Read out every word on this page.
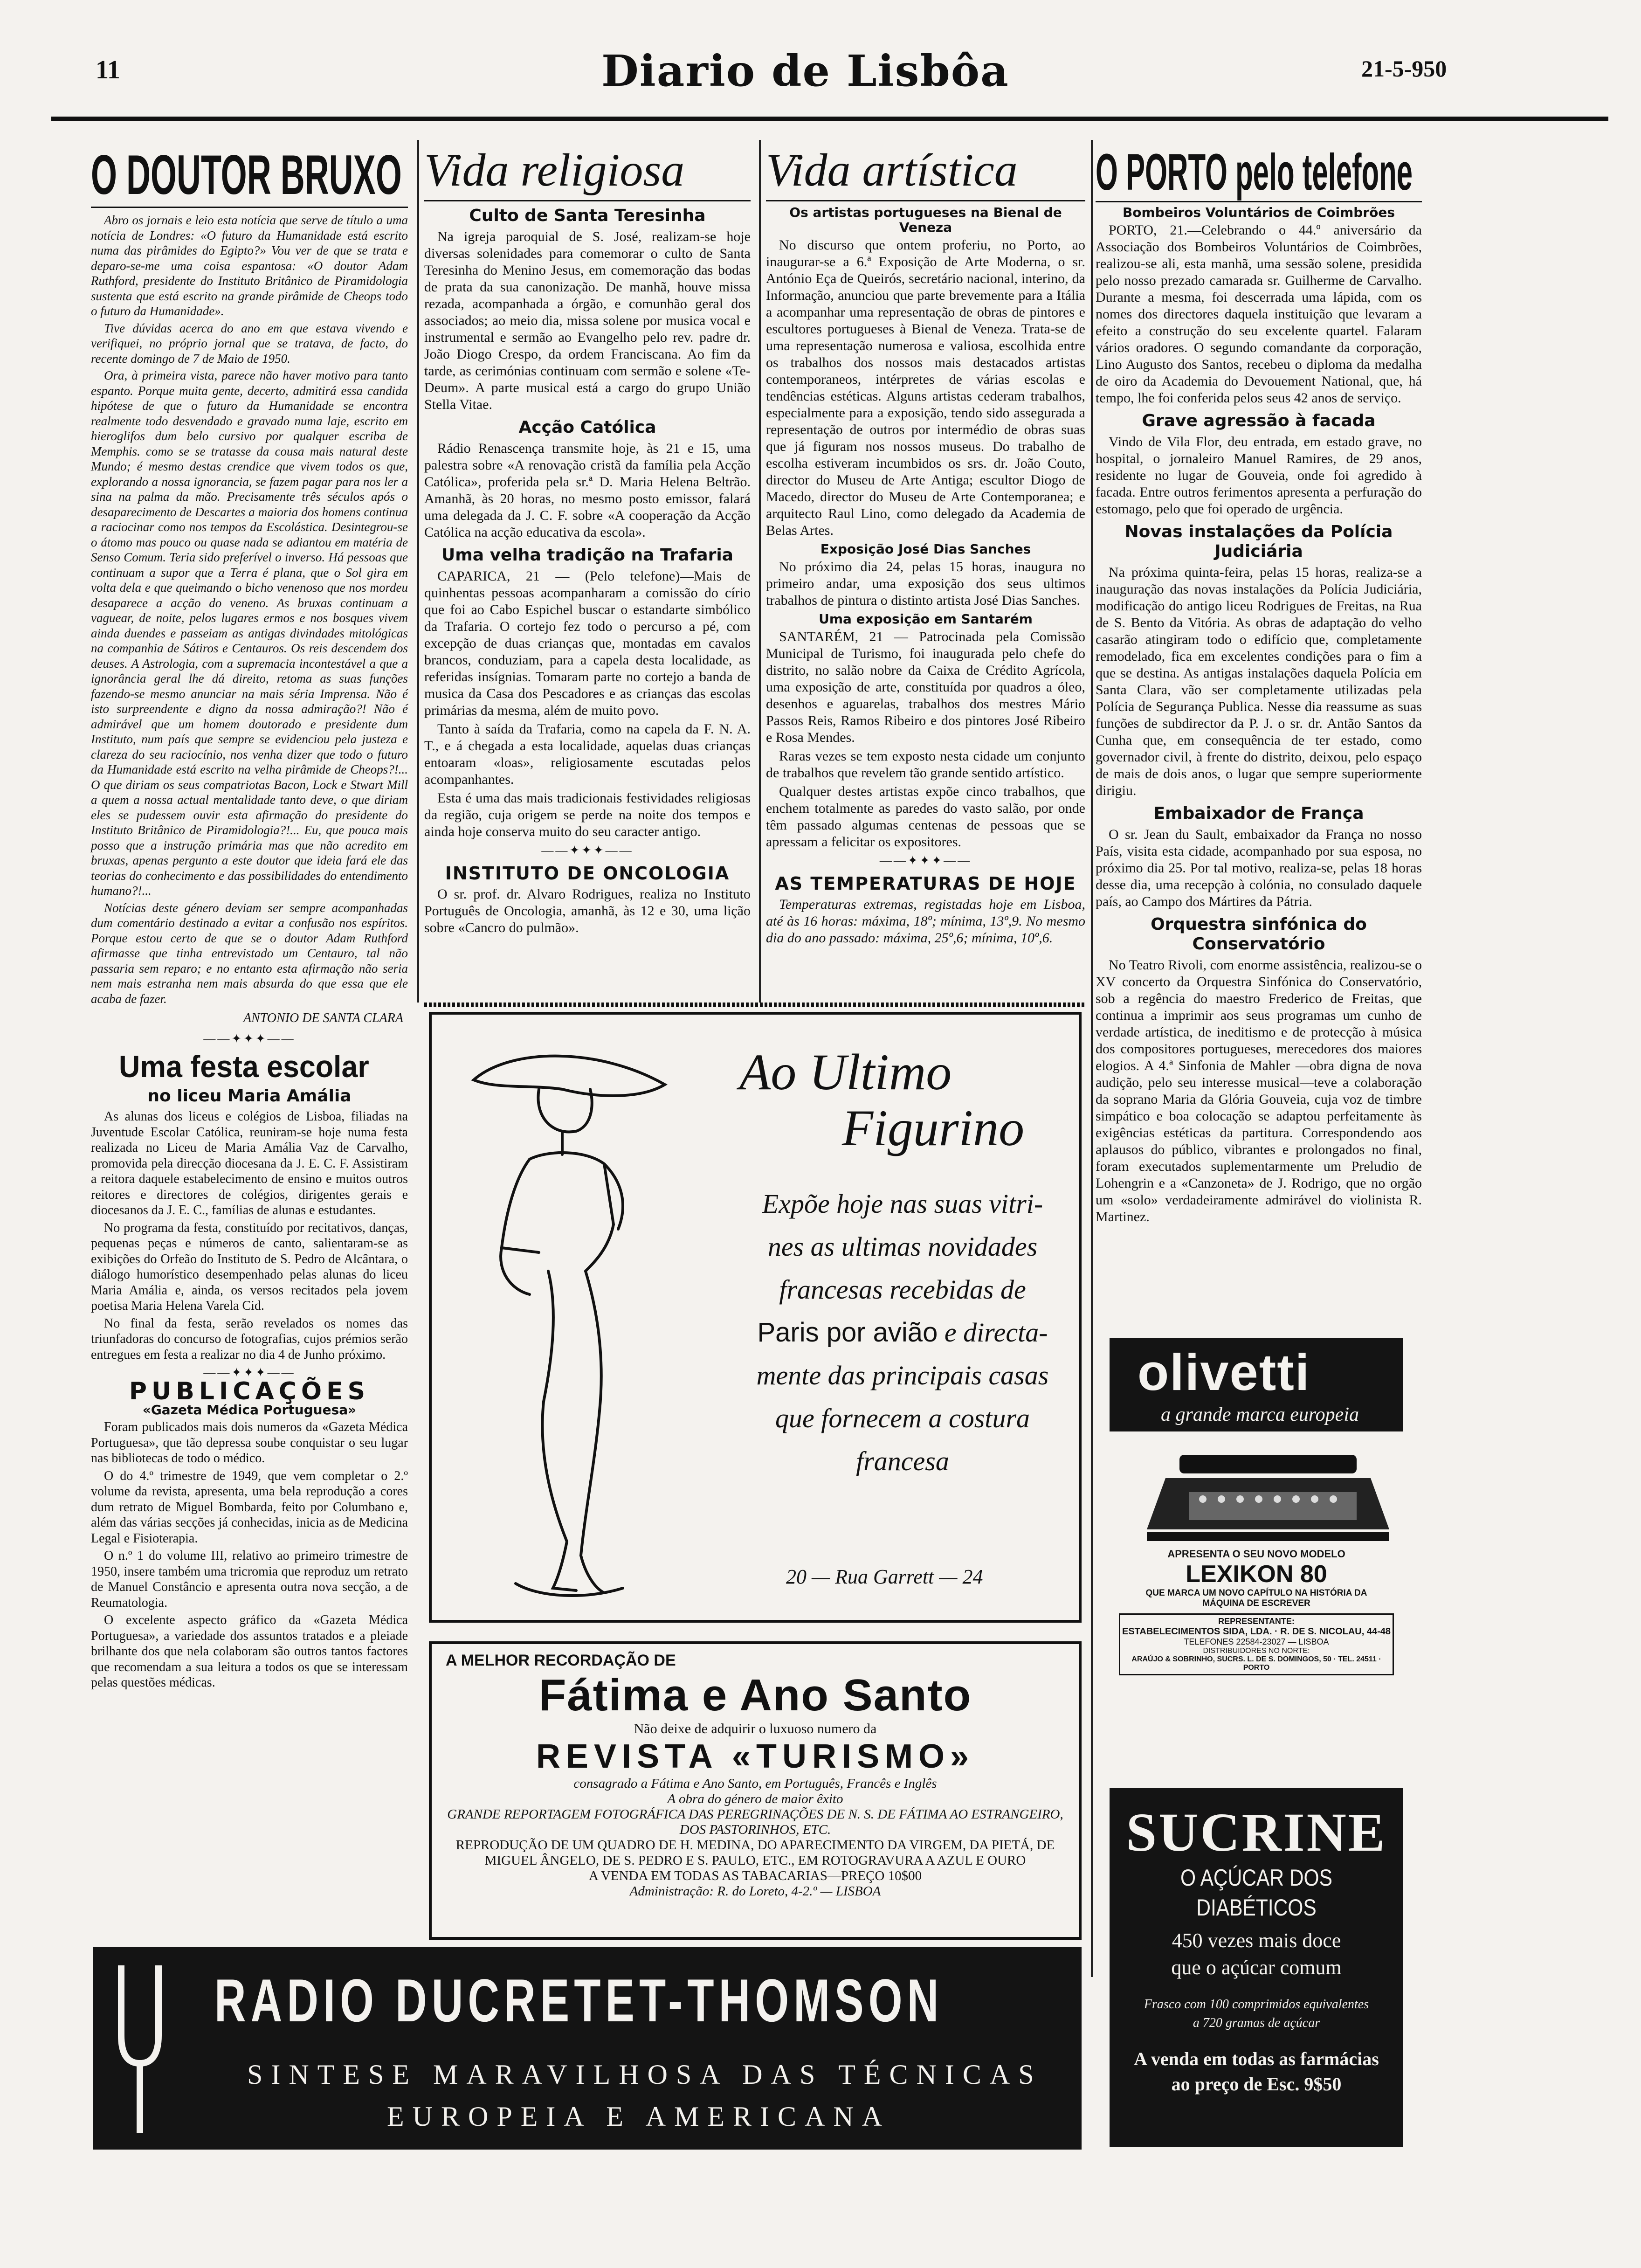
11	Diario de Lisbôa	21-5-950
O DOUTOR BRUXO

Abro os jornais e leio esta notícia que serve de título a uma notícia de Londres: «O futuro da Humanidade está escrito numa das pirâmides do Egipto?» Vou ver de que se trata e deparo-se-me uma coisa espantosa: «O doutor Adam Ruthford, presidente do Instituto Britânico de Piramidologia sustenta que está escrito na grande pirâmide de Cheops todo o futuro da Humanidade».

Tive dúvidas acerca do ano em que estava vivendo e verifiquei, no próprio jornal que se tratava, de facto, do recente domingo de 7 de Maio de 1950.

Ora, à primeira vista, parece não haver motivo para tanto espanto. Porque muita gente, decerto, admitirá essa candida hipótese de que o futuro da Humanidade se encontra realmente todo desvendado e gravado numa laje, escrito em hieroglifos dum belo cursivo por qualquer escriba de Memphis. como se se tratasse da cousa mais natural deste Mundo; é mesmo destas crendice que vivem todos os que, explorando a nossa ignorancia, se fazem pagar para nos ler a sina na palma da mão. Precisamente três séculos após o desaparecimento de Descartes a maioria dos homens continua a raciocinar como nos tempos da Escolástica. Desintegrou-se o átomo mas pouco ou quase nada se adiantou em matéria de Senso Comum. Teria sido preferível o inverso. Há pessoas que continuam a supor que a Terra é plana, que o Sol gira em volta dela e que queimando o bicho venenoso que nos mordeu desaparece a acção do veneno. As bruxas continuam a vaguear, de noite, pelos lugares ermos e nos bosques vivem ainda duendes e passeiam as antigas divindades mitológicas na companhia de Sátiros e Centauros. Os reis descendem dos deuses. A Astrologia, com a supremacia incontestável a que a ignorância geral lhe dá direito, retoma as suas funções fazendo-se mesmo anunciar na mais séria Imprensa. Não é isto surpreendente e digno da nossa admiração?! Não é admirável que um homem doutorado e presidente dum Instituto, num país que sempre se evidenciou pela justeza e clareza do seu raciocínio, nos venha dizer que todo o futuro da Humanidade está escrito na velha pirâmide de Cheops?!... O que diriam os seus compatriotas Bacon, Lock e Stwart Mill a quem a nossa actual mentalidade tanto deve, o que diriam eles se pudessem ouvir esta afirmação do presidente do Instituto Britânico de Piramidologia?!... Eu, que pouca mais posso que a instrução primária mas que não acredito em bruxas, apenas pergunto a este doutor que ideia fará ele das teorias do conhecimento e das possibilidades do entendimento humano?!...

Notícias deste género deviam ser sempre acompanhadas dum comentário destinado a evitar a confusão nos espíritos. Porque estou certo de que se o doutor Adam Ruthford afirmasse que tinha entrevistado um Centauro, tal não passaria sem reparo; e no entanto esta afirmação não seria nem mais estranha nem mais absurda do que essa que ele acaba de fazer.

ANTONIO DE SANTA CLARA
——✦✦✦——
Uma festa escolar
no liceu Maria Amália

As alunas dos liceus e colégios de Lisboa, filiadas na Juventude Escolar Católica, reuniram-se hoje numa festa realizada no Liceu de Maria Amália Vaz de Carvalho, promovida pela direcção diocesana da J. E. C. F. Assistiram a reitora daquele estabelecimento de ensino e muitos outros reitores e directores de colégios, dirigentes gerais e diocesanos da J. E. C., famílias de alunas e estudantes.

No programa da festa, constituído por recitativos, danças, pequenas peças e números de canto, salientaram-se as exibições do Orfeão do Instituto de S. Pedro de Alcântara, o diálogo humorístico desempenhado pelas alunas do liceu Maria Amália e, ainda, os versos recitados pela jovem poetisa Maria Helena Varela Cid.

No final da festa, serão revelados os nomes das triunfadoras do concurso de fotografias, cujos prémios serão entregues em festa a realizar no dia 4 de Junho próximo.

——✦✦✦——
PUBLICAÇÕES
«Gazeta Médica Portuguesa»

Foram publicados mais dois numeros da «Gazeta Médica Portuguesa», que tão depressa soube conquistar o seu lugar nas bibliotecas de todo o médico.

O do 4.º trimestre de 1949, que vem completar o 2.º volume da revista, apresenta, uma bela reprodução a cores dum retrato de Miguel Bombarda, feito por Columbano e, além das várias secções já conhecidas, inicia as de Medicina Legal e Fisioterapia.

O n.º 1 do volume III, relativo ao primeiro trimestre de 1950, insere também uma tricromia que reproduz um retrato de Manuel Constâncio e apresenta outra nova secção, a de Reumatologia.

O excelente aspecto gráfico da «Gazeta Médica Portuguesa», a variedade dos assuntos tratados e a pleiade brilhante dos que nela colaboram são outros tantos factores que recomendam a sua leitura a todos os que se interessam pelas questões médicas.

Vida religiosa
Culto de Santa Teresinha

Na igreja paroquial de S. José, realizam-se hoje diversas solenidades para comemorar o culto de Santa Teresinha do Menino Jesus, em comemoração das bodas de prata da sua canonização. De manhã, houve missa rezada, acompanhada a órgão, e comunhão geral dos associados; ao meio dia, missa solene por musica vocal e instrumental e sermão ao Evangelho pelo rev. padre dr. João Diogo Crespo, da ordem Franciscana. Ao fim da tarde, as cerimónias continuam com sermão e solene «Te-Deum». A parte musical está a cargo do grupo União Stella Vitae.

Acção Católica

Rádio Renascença transmite hoje, às 21 e 15, uma palestra sobre «A renovação cristã da família pela Acção Católica», proferida pela sr.ª D. Maria Helena Beltrão. Amanhã, às 20 horas, no mesmo posto emissor, falará uma delegada da J. C. F. sobre «A cooperação da Acção Católica na acção educativa da escola».

Uma velha tradição na Trafaria

CAPARICA, 21 — (Pelo telefone)—Mais de quinhentas pessoas acompanharam a comissão do círio que foi ao Cabo Espichel buscar o estandarte simbólico da Trafaria. O cortejo fez todo o percurso a pé, com excepção de duas crianças que, montadas em cavalos brancos, conduziam, para a capela desta localidade, as referidas insígnias. Tomaram parte no cortejo a banda de musica da Casa dos Pescadores e as crianças das escolas primárias da mesma, além de muito povo.

Tanto à saída da Trafaria, como na capela da F. N. A. T., e á chegada a esta localidade, aquelas duas crianças entoaram «loas», religiosamente escutadas pelos acompanhantes.

Esta é uma das mais tradicionais festividades religiosas da região, cuja origem se perde na noite dos tempos e ainda hoje conserva muito do seu caracter antigo.

——✦✦✦——
INSTITUTO DE ONCOLOGIA

O sr. prof. dr. Alvaro Rodrigues, realiza no Instituto Português de Oncologia, amanhã, às 12 e 30, uma lição sobre «Cancro do pulmão».

Vida artística
Os artistas portugueses na Bienal de Veneza

No discurso que ontem proferiu, no Porto, ao inaugurar-se a 6.ª Exposição de Arte Moderna, o sr. António Eça de Queirós, secretário nacional, interino, da Informação, anunciou que parte brevemente para a Itália a acompanhar uma representação de obras de pintores e escultores portugueses à Bienal de Veneza. Trata-se de uma representação numerosa e valiosa, escolhida entre os trabalhos dos nossos mais destacados artistas contemporaneos, intérpretes de várias escolas e tendências estéticas. Alguns artistas cederam trabalhos, especialmente para a exposição, tendo sido assegurada a representação de outros por intermédio de obras suas que já figuram nos nossos museus. Do trabalho de escolha estiveram incumbidos os srs. dr. João Couto, director do Museu de Arte Antiga; escultor Diogo de Macedo, director do Museu de Arte Contemporanea; e arquitecto Raul Lino, como delegado da Academia de Belas Artes.

Exposição José Dias Sanches

No próximo dia 24, pelas 15 horas, inaugura no primeiro andar, uma exposição dos seus ultimos trabalhos de pintura o distinto artista José Dias Sanches.

Uma exposição em Santarém

SANTARÉM, 21 — Patrocinada pela Comissão Municipal de Turismo, foi inaugurada pelo chefe do distrito, no salão nobre da Caixa de Crédito Agrícola, uma exposição de arte, constituída por quadros a óleo, desenhos e aguarelas, trabalhos dos mestres Mário Passos Reis, Ramos Ribeiro e dos pintores José Ribeiro e Rosa Mendes.

Raras vezes se tem exposto nesta cidade um conjunto de trabalhos que revelem tão grande sentido artístico.

Qualquer destes artistas expõe cinco trabalhos, que enchem totalmente as paredes do vasto salão, por onde têm passado algumas centenas de pessoas que se apressam a felicitar os expositores.

——✦✦✦——
AS TEMPERATURAS DE HOJE

Temperaturas extremas, registadas hoje em Lisboa, até às 16 horas: máxima, 18º; mínima, 13º,9. No mesmo dia do ano passado: máxima, 25º,6; mínima, 10º,6.

O PORTO pelo telefone
Bombeiros Voluntários de Coimbrões

PORTO, 21.—Celebrando o 44.º aniversário da Associação dos Bombeiros Voluntários de Coimbrões, realizou-se ali, esta manhã, uma sessão solene, presidida pelo nosso prezado camarada sr. Guilherme de Carvalho. Durante a mesma, foi descerrada uma lápida, com os nomes dos directores daquela instituição que levaram a efeito a construção do seu excelente quartel. Falaram vários oradores. O segundo comandante da corporação, Lino Augusto dos Santos, recebeu o diploma da medalha de oiro da Academia do Devouement National, que, há tempo, lhe foi conferida pelos seus 42 anos de serviço.

Grave agressão à facada

Vindo de Vila Flor, deu entrada, em estado grave, no hospital, o jornaleiro Manuel Ramires, de 29 anos, residente no lugar de Gouveia, onde foi agredido à facada. Entre outros ferimentos apresenta a perfuração do estomago, pelo que foi operado de urgência.

Novas instalações da Polícia Judiciária

Na próxima quinta-feira, pelas 15 horas, realiza-se a inauguração das novas instalações da Polícia Judiciária, modificação do antigo liceu Rodrigues de Freitas, na Rua de S. Bento da Vitória. As obras de adaptação do velho casarão atingiram todo o edifício que, completamente remodelado, fica em excelentes condições para o fim a que se destina. As antigas instalações daquela Polícia em Santa Clara, vão ser completamente utilizadas pela Polícia de Segurança Publica. Nesse dia reassume as suas funções de subdirector da P. J. o sr. dr. Antão Santos da Cunha que, em consequência de ter estado, como governador civil, à frente do distrito, deixou, pelo espaço de mais de dois anos, o lugar que sempre superiormente dirigiu.

Embaixador de França

O sr. Jean du Sault, embaixador da França no nosso País, visita esta cidade, acompanhado por sua esposa, no próximo dia 25. Por tal motivo, realiza-se, pelas 18 horas desse dia, uma recepção à colónia, no consulado daquele país, ao Campo dos Mártires da Pátria.

Orquestra sinfónica do Conservatório

No Teatro Rivoli, com enorme assistência, realizou-se o XV concerto da Orquestra Sinfónica do Conservatório, sob a regência do maestro Frederico de Freitas, que continua a imprimir aos seus programas um cunho de verdade artística, de ineditismo e de protecção à música dos compositores portugueses, merecedores dos maiores elogios. A 4.ª Sinfonia de Mahler —obra digna de nova audição, pelo seu interesse musical—teve a colaboração da soprano Maria da Glória Gouveia, cuja voz de timbre simpático e boa colocação se adaptou perfeitamente às exigências estéticas da partitura. Correspondendo aos aplausos do público, vibrantes e prolongados no final, foram executados suplementarmente um Preludio de Lohengrin e a «Canzoneta» de J. Rodrigo, que no orgão um «solo» verdadeiramente admirável do violinista R. Martinez.

Ao Ultimo
Figurino
Expõe hoje nas suas vitri-
nes as ultimas novidades
francesas recebidas de
Paris por avião e directa-
mente das principais casas
que fornecem a costura
francesa
20 — Rua Garrett — 24
A MELHOR RECORDAÇÃO DE
Fátima e Ano Santo
Não deixe de adquirir o luxuoso numero da
REVISTA «TURISMO»
consagrado a Fátima e Ano Santo, em Português, Francês e Inglês
A obra do género de maior êxito
GRANDE REPORTAGEM FOTOGRÁFICA DAS PEREGRINAÇÕES DE N. S. DE FÁTIMA AO ESTRANGEIRO, DOS PASTORINHOS, ETC.
REPRODUÇÃO DE UM QUADRO DE H. MEDINA, DO APARECIMENTO DA VIRGEM, DA PIETÁ, DE MIGUEL ÂNGELO, DE S. PEDRO E S. PAULO, ETC., EM ROTOGRAVURA A AZUL E OURO
A VENDA EM TODAS AS TABACARIAS—PREÇO 10$00
Administração: R. do Loreto, 4-2.º — LISBOA
RADIO DUCRETET-THOMSON
SINTESE MARAVILHOSA DAS TÉCNICAS
EUROPEIA E AMERICANA
olivetti
a grande marca europeia
APRESENTA O SEU NOVO MODELO
LEXIKON 80
QUE MARCA UM NOVO CAPÍTULO NA HISTÓRIA DA MÁQUINA DE ESCREVER
REPRESENTANTE:
ESTABELECIMENTOS SIDA, LDA. · R. DE S. NICOLAU, 44-48
TELEFONES 22584-23027 — LISBOA
DISTRIBUIDORES NO NORTE:
ARAÚJO & SOBRINHO, SUCRS. L. DE S. DOMINGOS, 50 · TEL. 24511 · PORTO
SUCRINE
O AÇÚCAR DOS DIABÉTICOS
450 vezes mais doce
que o açúcar comum
Frasco com 100 comprimidos equivalentes
a 720 gramas de açúcar
A venda em todas as farmácias
ao preço de Esc. 9$50
